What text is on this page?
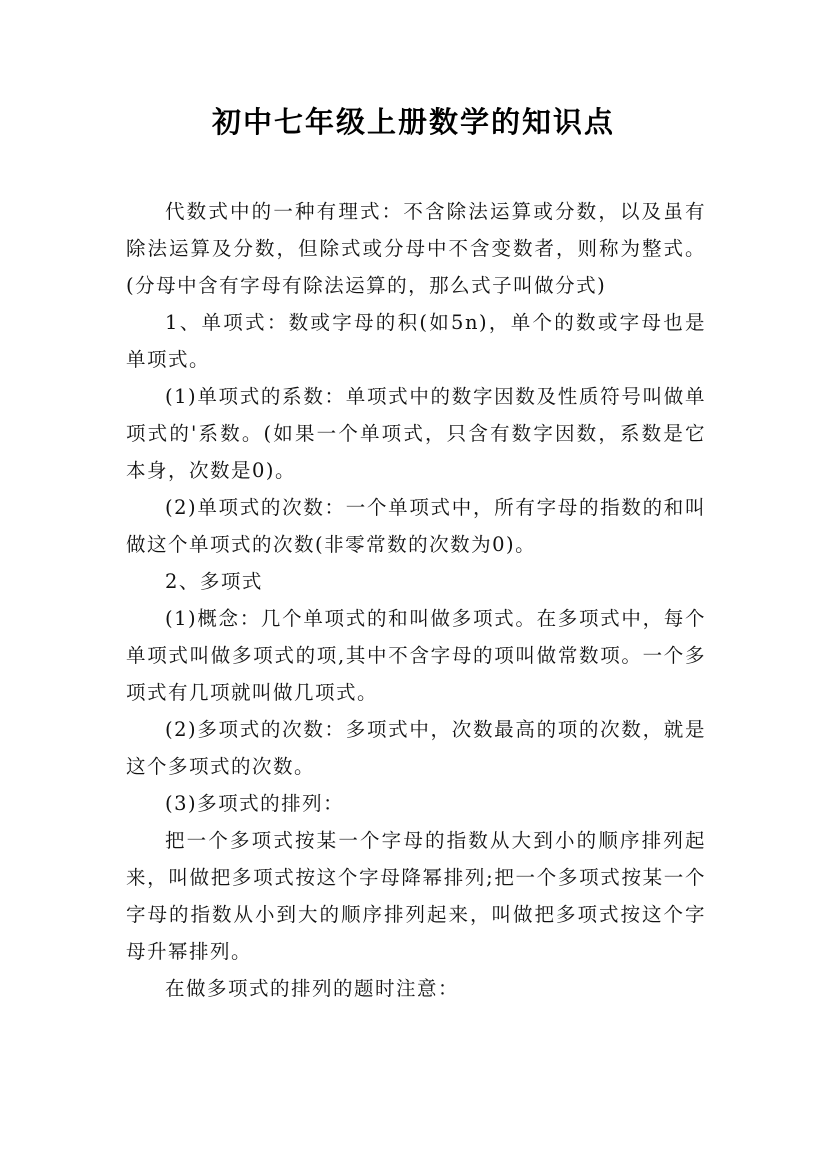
初中七年级上册数学的知识点

代数式中的一种有理式：不含除法运算或分数，以及虽有除法运算及分数，但除式或分母中不含变数者，则称为整式。(分母中含有字母有除法运算的，那么式子叫做分式)

1、单项式：数或字母的积(如5n)，单个的数或字母也是单项式。

(1)单项式的系数：单项式中的数字因数及性质符号叫做单项式的'系数。(如果一个单项式，只含有数字因数，系数是它本身，次数是0)。

(2)单项式的次数：一个单项式中，所有字母的指数的和叫做这个单项式的次数(非零常数的次数为0)。

2、多项式

(1)概念：几个单项式的和叫做多项式。在多项式中，每个单项式叫做多项式的项,其中不含字母的项叫做常数项。一个多项式有几项就叫做几项式。

(2)多项式的次数：多项式中，次数最高的项的次数，就是这个多项式的次数。

(3)多项式的排列：

把一个多项式按某一个字母的指数从大到小的顺序排列起来，叫做把多项式按这个字母降幂排列;把一个多项式按某一个字母的指数从小到大的顺序排列起来，叫做把多项式按这个字母升幂排列。

在做多项式的排列的题时注意：
